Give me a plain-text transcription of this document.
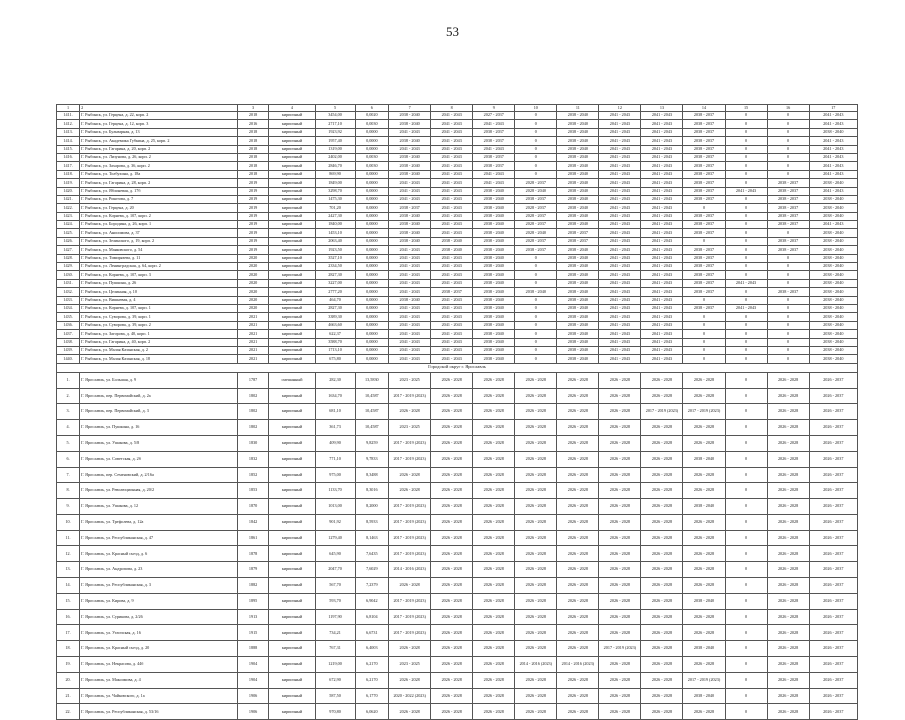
53
1	2	3	4	5	6	7	8	9	10	11	12	13	14	15	16	17
1411.	Г. Рыбинск, ул. Герцена, д. 22, корп. 2	2018	кирпичный	3454,00	0,0020	2038 - 2040	2041 - 2043	2027 - 2037	0	2038 - 2040	2041 - 2043	2041 - 2043	2038 - 2037	0	0	2041 - 2043
1412.	Г. Рыбинск, ул. Герцена, д. 12, корп. 3	2016	кирпичный	2717,10	0,0030	2038 - 2040	2041 - 2043	2041 - 2043	0	2038 - 2040	2041 - 2043	2041 - 2043	2038 - 2037	0	0	2041 - 2043
1413.	Г. Рыбинск, ул. Бульварная, д. 13	2018	кирпичный	1923,92	0,0000	2041 - 2043	2041 - 2043	2038 - 2037	0	2038 - 2040	2041 - 2043	2041 - 2043	2038 - 2037	0	0	2038 - 2040
1414.	Г. Рыбинск, ул. Академика Губкина, д. 25, корп. 2	2018	кирпичный	1957,40	0,0000	2038 - 2040	2041 - 2043	2038 - 2037	0	2038 - 2040	2041 - 2043	2041 - 2043	2038 - 2037	0	0	2041 - 2043
1415.	Г. Рыбинск, ул. Гагарина, д. 20, корп. 2	2018	кирпичный	1319,00	0,0000	2041 - 2043	2041 - 2043	2041 - 2043	0	2038 - 2040	2041 - 2043	2041 - 2043	2038 - 2037	0	0	2041 - 2043
1416.	Г. Рыбинск, ул. Лизунова, д. 26, корп. 2	2018	кирпичный	2402,00	0,0030	2038 - 2040	2041 - 2043	2038 - 2037	0	2038 - 2040	2041 - 2043	2041 - 2043	2038 - 2037	0	0	2041 - 2043
1417.	Г. Рыбинск, ул. Захарова, д. 36, корп. 2	2018	кирпичный	2846,70	0,0030	2038 - 2040	2041 - 2043	2038 - 2037	0	2038 - 2040	2041 - 2043	2041 - 2043	2038 - 2037	0	0	2041 - 2043
1418.	Г. Рыбинск, ул. Толбухина, д. 18а	2018	кирпичный	869,90	0,0000	2038 - 2040	2041 - 2043	2041 - 2043	0	2038 - 2040	2041 - 2043	2041 - 2043	2038 - 2037	0	0	2041 - 2043
1419.	Г. Рыбинск, ул. Гагарина, д. 28, корп. 2	2019	кирпичный	1849,00	0,0000	2041 - 2043	2041 - 2043	2041 - 2043	2028 - 2037	2038 - 2040	2041 - 2043	2041 - 2043	2038 - 2037	0	2038 - 2037	2038 - 2040
1420.	Г. Рыбинск, ул. Яблоневая, д. 17б	2019	кирпичный	3298,70	0,0000	2041 - 2043	2041 - 2043	2038 - 2040	2028 - 2040	2038 - 2040	2041 - 2043	2041 - 2043	2038 - 2037	2041 - 2043	2038 - 2037	2041 - 2043
1421.	Г. Рыбинск, ул. Рокотова, д. 7	2019	кирпичный	1475,30	0,0000	2041 - 2043	2041 - 2043	2038 - 2040	2038 - 2037	2038 - 2040	2041 - 2043	2041 - 2043	2038 - 2037	0	2038 - 2037	2038 - 2040
1422.	Г. Рыбинск, ул. Герцена, д. 20	2019	кирпичный	701,20	0,0000	2038 - 2037	2041 - 2043	2038 - 2040	2028 - 2037	2038 - 2040	2041 - 2043	2041 - 2043	0	0	2038 - 2037	2038 - 2040
1423.	Г. Рыбинск, ул. Корнева, д. 107, корп. 2	2019	кирпичный	2427,30	0,0000	2038 - 2040	2041 - 2043	2038 - 2040	2028 - 2037	2038 - 2040	2041 - 2043	2041 - 2043	2038 - 2037	0	2038 - 2037	2038 - 2040
1424.	Г. Рыбинск, ул. Бородина, д. 26, корп. 1	2019	кирпичный	1840,00	0,0000	2038 - 2040	2041 - 2043	2038 - 2040	2028 - 2037	2038 - 2040	2041 - 2043	2041 - 2043	2038 - 2037	0	2038 - 2037	2041 - 2043
1425.	Г. Рыбинск, ул. Анисимова, д. 37	2019	кирпичный	1453,10	0,0000	2038 - 2040	2041 - 2043	2038 - 2040	2028 - 2040	2038 - 2037	2041 - 2043	2041 - 2043	2038 - 2037	0	0	2038 - 2040
1426.	Г. Рыбинск, ул. Зелинского, д. 19, корп. 2	2019	кирпичный	2063,40	0,0000	2038 - 2040	2038 - 2040	2038 - 2040	2028 - 2037	2038 - 2037	2041 - 2043	2041 - 2043	0	0	2038 - 2037	2038 - 2040
1427.	Г. Рыбинск, ул. Маяковского, д. 54	2019	кирпичный	1923,50	0,0000	2041 - 2043	2038 - 2040	2038 - 2040	2038 - 2037	2038 - 2040	2041 - 2043	2041 - 2043	2038 - 2037	0	2038 - 2037	2038 - 2040
1428.	Г. Рыбинск, ул. Тимирязева, д. 11	2020	кирпичный	3527,10	0,0000	2041 - 2043	2041 - 2043	2038 - 2040	0	2038 - 2040	2041 - 2043	2041 - 2043	2038 - 2037	0	0	2038 - 2040
1429.	Г. Рыбинск, ул. Ленинградская, д. 64, корп. 2	2020	кирпичный	2334,50	0,0000	2041 - 2043	2041 - 2043	2038 - 2040	0	2038 - 2040	2041 - 2043	2041 - 2043	2038 - 2037	0	0	2038 - 2040
1430.	Г. Рыбинск, ул. Корнева, д. 107, корп. 3	2020	кирпичный	2827,30	0,0000	2041 - 2043	2041 - 2043	2038 - 2040	0	2038 - 2040	2041 - 2043	2041 - 2043	2038 - 2037	0	0	2038 - 2040
1431.	Г. Рыбинск, ул. Пушкина, д. 26	2020	кирпичный	3227,00	0,0000	2041 - 2043	2041 - 2043	2038 - 2040	0	2038 - 2040	2041 - 2043	2041 - 2043	2038 - 2037	2041 - 2043	0	2038 - 2040
1432.	Г. Рыбинск, ул. Целинная, д. 10	2020	кирпичный	2777,20	0,0000	2041 - 2043	2038 - 2037	2038 - 2040	2038 - 2040	2038 - 2040	2041 - 2043	2041 - 2043	2038 - 2037	0	2038 - 2037	2038 - 2040
1433.	Г. Рыбинск, ул. Вишневая, д. 4	2020	кирпичный	464,70	0,0000	2038 - 2040	2041 - 2043	2038 - 2040	0	2038 - 2040	2041 - 2043	2041 - 2043	0	0	0	2038 - 2040
1434.	Г. Рыбинск, ул. Корнева, д. 107, корп. 1	2020	кирпичный	2827,30	0,0000	2041 - 2043	2041 - 2043	2038 - 2040	0	2038 - 2040	2041 - 2043	2041 - 2043	2038 - 2037	2041 - 2043	0	2038 - 2040
1435.	Г. Рыбинск, ул. Суворова, д. 39, корп. 1	2021	кирпичный	3389,30	0,0000	2041 - 2043	2041 - 2043	2038 - 2040	0	2038 - 2040	2041 - 2043	2041 - 2043	0	0	0	2038 - 2040
1436.	Г. Рыбинск, ул. Суворова, д. 39, корп. 2	2021	кирпичный	4663,60	0,0000	2041 - 2043	2041 - 2043	2038 - 2040	0	2038 - 2040	2041 - 2043	2041 - 2043	0	0	0	2038 - 2040
1437.	Г. Рыбинск, ул. Загорова, д. 40, корп. 1	2021	кирпичный	622,37	0,0000	2041 - 2043	2041 - 2043	2038 - 2040	0	2038 - 2040	2041 - 2043	2041 - 2043	0	0	0	2038 - 2040
1438.	Г. Рыбинск, ул. Гагарина, д. 40, корп. 2	2021	кирпичный	3588,70	0,0000	2041 - 2043	2041 - 2043	2038 - 2040	0	2038 - 2040	2041 - 2043	2041 - 2043	0	0	0	2038 - 2040
1439.	Г. Рыбинск, ул. Малая Казанская, д. 2	2021	кирпичный	1713,10	0,0000	2041 - 2043	2041 - 2043	2038 - 2040	0	2038 - 2040	2041 - 2043	2041 - 2043	0	0	0	2038 - 2040
1440.	Г. Рыбинск, ул. Малая Казанская, д. 18	2021	кирпичный	675,80	0,0000	2041 - 2043	2041 - 2043	2038 - 2040	0	2038 - 2040	2041 - 2043	2041 - 2043	0	0	0	2038 - 2040
Городской округ г. Ярославль																
1.	Г. Ярославль, ул. Большая, д. 9	1787	смешанный	282,30	13,5830	2023 - 2025	2026 - 2028	2026 - 2028	2026 - 2028	2026 - 2028	2026 - 2028	2026 - 2028	2026 - 2028	0	2026 - 2028	2026 - 2037
2.	Г. Ярославль, пер. Первомайский, д. 2а	1802	кирпичный	1634,70	10,4587	2017 - 2019 (2023)	2026 - 2028	2026 - 2028	2026 - 2028	2026 - 2028	2026 - 2028	2026 - 2028	2026 - 2028	0	2026 - 2028	2026 - 2037
3.	Г. Ярославль, пер. Первомайский, д. 3	1802	кирпичный	681,10	10,4587	2026 - 2028	2026 - 2028	2026 - 2028	2026 - 2028	2026 - 2028	2026 - 2028	2017 - 2019 (2023)	2017 - 2019 (2023)	0	2026 - 2028	2026 - 2037
4.	Г. Ярославль, ул. Пушкина, д. 16	1802	кирпичный	361,73	10,4587	2023 - 2025	2026 - 2028	2026 - 2028	2026 - 2028	2026 - 2028	2026 - 2028	2026 - 2028	2026 - 2028	0	2026 - 2028	2026 - 2037
5.	Г. Ярославль, ул. Ушакова, д. 5/8	1830	кирпичный	409,90	9,8259	2017 - 2019 (2023)	2026 - 2028	2026 - 2028	2026 - 2028	2026 - 2028	2026 - 2028	2026 - 2028	2026 - 2028	0	2026 - 2028	2026 - 2037
6.	Г. Ярославль, ул. Советская, д. 2б	1832	кирпичный	771,10	9,7833	2017 - 2019 (2023)	2026 - 2028	2026 - 2028	2026 - 2028	2026 - 2028	2026 - 2028	2026 - 2028	2038 - 2040	0	2026 - 2028	2026 - 2037
7.	Г. Ярославль, пер. Семеновский, д. 2/16а	1852	кирпичный	975,00	8,3488	2026 - 2028	2026 - 2028	2026 - 2028	2026 - 2028	2026 - 2028	2026 - 2028	2026 - 2028	2026 - 2028	0	2026 - 2028	2026 - 2037
8.	Г. Ярославль, ул. Революционная, д. 20/2	1853	кирпичный	1133,70	8,3016	2026 - 2028	2026 - 2028	2026 - 2028	2026 - 2028	2026 - 2028	2026 - 2028	2026 - 2028	2026 - 2028	0	2026 - 2028	2026 - 2037
9.	Г. Ярославль, ул. Ушакова, д. 12	1870	кирпичный	1013,00	8,2000	2017 - 2019 (2023)	2026 - 2028	2026 - 2028	2026 - 2028	2026 - 2028	2026 - 2028	2026 - 2028	2038 - 2040	0	2026 - 2028	2026 - 2037
10.	Г. Ярославль, ул. Трефолева, д. 12а	1842	кирпичный	901,92	8,5933	2017 - 2019 (2023)	2026 - 2028	2026 - 2028	2026 - 2028	2026 - 2028	2026 - 2028	2026 - 2028	2026 - 2028	0	2026 - 2028	2026 - 2037
11.	Г. Ярославль, ул. Республиканская, д. 47	1861	кирпичный	1279,40	8,1463	2017 - 2019 (2023)	2026 - 2028	2026 - 2028	2026 - 2028	2026 - 2028	2026 - 2028	2026 - 2028	2026 - 2028	0	2026 - 2028	2026 - 2037
12.	Г. Ярославль, ул. Красный съезд, д. 6	1878	кирпичный	645,90	7,6435	2017 - 2019 (2023)	2026 - 2028	2026 - 2028	2026 - 2028	2026 - 2028	2026 - 2028	2026 - 2028	2026 - 2028	0	2026 - 2028	2026 - 2037
13.	Г. Ярославль, ул. Андропова, д. 23	1879	кирпичный	2047,70	7,6029	2014 - 2016 (2023)	2026 - 2028	2026 - 2028	2026 - 2028	2026 - 2028	2026 - 2028	2026 - 2028	2026 - 2028	0	2026 - 2028	2026 - 2037
14.	Г. Ярославль, ул. Республиканская, д. 3	1882	кирпичный	567,70	7,2379	2026 - 2028	2026 - 2028	2026 - 2028	2026 - 2028	2026 - 2028	2026 - 2028	2026 - 2028	2026 - 2028	0	2026 - 2028	2026 - 2037
15.	Г. Ярославль, ул. Кирова, д. 9	1895	кирпичный	593,70	6,9042	2017 - 2019 (2023)	2026 - 2028	2026 - 2028	2026 - 2028	2026 - 2028	2026 - 2028	2026 - 2028	2038 - 2040	0	2026 - 2028	2026 - 2037
16.	Г. Ярославль, ул. Сурикова, д. 2/26	1913	кирпичный	1197,90	6,8104	2017 - 2019 (2023)	2026 - 2028	2026 - 2028	2026 - 2028	2026 - 2028	2026 - 2028	2026 - 2028	2026 - 2028	0	2026 - 2028	2026 - 2037
17.	Г. Ярославль, ул. Угличская, д. 16	1915	кирпичный	734,21	6,6731	2017 - 2019 (2023)	2026 - 2028	2026 - 2028	2026 - 2028	2026 - 2028	2026 - 2028	2026 - 2028	2026 - 2028	0	2026 - 2028	2026 - 2037
18.	Г. Ярославль, ул. Красный съезд, д. 20	1888	кирпичный	767,31	6,4003	2026 - 2028	2026 - 2028	2026 - 2028	2026 - 2028	2026 - 2028	2017 - 2019 (2023)	2026 - 2028	2038 - 2040	0	2026 - 2028	2026 - 2037
19.	Г. Ярославль, ул. Некрасова, д. 44б	1904	кирпичный	1219,00	6,2170	2023 - 2025	2026 - 2028	2026 - 2028	2014 - 2016 (2023)	2014 - 2016 (2023)	2026 - 2028	2026 - 2028	2026 - 2028	0	2026 - 2028	2026 - 2037
20.	Г. Ярославль, ул. Максимова, д. 4	1904	кирпичный	672,90	6,2170	2026 - 2028	2026 - 2028	2026 - 2028	2026 - 2028	2026 - 2028	2026 - 2028	2026 - 2028	2017 - 2019 (2023)	0	2026 - 2028	2026 - 2037
21.	Г. Ярославль, ул. Чайковского, д. 1а	1906	кирпичный	587,50	6,1770	2020 - 2022 (2023)	2026 - 2028	2026 - 2028	2026 - 2028	2026 - 2028	2026 - 2028	2026 - 2028	2038 - 2040	0	2026 - 2028	2026 - 2037
22.	Г. Ярославль, ул. Республиканская, д. 53/16	1906	кирпичный	970,80	6,0620	2026 - 2028	2026 - 2028	2026 - 2028	2026 - 2028	2026 - 2028	2026 - 2028	2026 - 2028	2026 - 2028	0	2026 - 2028	2026 - 2037
